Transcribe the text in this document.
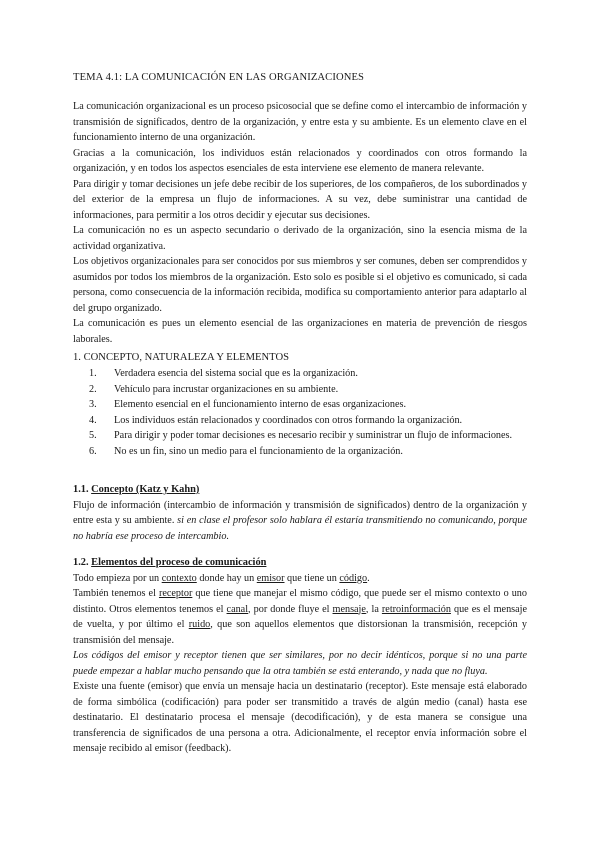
TEMA 4.1: LA COMUNICACIÓN EN LAS ORGANIZACIONES

La comunicación organizacional es un proceso psicosocial que se define como el intercambio de información y transmisión de significados, dentro de la organización, y entre esta y su ambiente. Es un elemento clave en el funcionamiento interno de una organización.

Gracias a la comunicación, los individuos están relacionados y coordinados con otros formando la organización, y en todos los aspectos esenciales de esta interviene ese elemento de manera relevante.

Para dirigir y tomar decisiones un jefe debe recibir de los superiores, de los compañeros, de los subordinados y del exterior de la empresa un flujo de informaciones. A su vez, debe suministrar una cantidad de informaciones, para permitir a los otros decidir y ejecutar sus decisiones.

La comunicación no es un aspecto secundario o derivado de la organización, sino la esencia misma de la actividad organizativa.

Los objetivos organizacionales para ser conocidos por sus miembros y ser comunes, deben ser comprendidos y asumidos por todos los miembros de la organización. Esto solo es posible si el objetivo es comunicado, si cada persona, como consecuencia de la información recibida, modifica su comportamiento anterior para adaptarlo al del grupo organizado.

La comunicación es pues un elemento esencial de las organizaciones en materia de prevención de riesgos laborales.

1. CONCEPTO, NATURALEZA Y ELEMENTOS
1. Verdadera esencia del sistema social que es la organización.
2. Vehículo para incrustar organizaciones en su ambiente.
3. Elemento esencial en el funcionamiento interno de esas organizaciones.
4. Los individuos están relacionados y coordinados con otros formando la organización.
5. Para dirigir y poder tomar decisiones es necesario recibir y suministrar un flujo de informaciones.
6. No es un fin, sino un medio para el funcionamiento de la organización.

1.1. Concepto (Katz y Kahn)

Flujo de información (intercambio de información y transmisión de significados) dentro de la organización y entre esta y su ambiente. si en clase el profesor solo hablara él estaría transmitiendo no comunicando, porque no habría ese proceso de intercambio.

1.2. Elementos del proceso de comunicación

Todo empieza por un contexto donde hay un emisor que tiene un código.

También tenemos el receptor que tiene que manejar el mismo código, que puede ser el mismo contexto o uno distinto. Otros elementos tenemos el canal, por donde fluye el mensaje, la retroinformación que es el mensaje de vuelta, y por último el ruido, que son aquellos elementos que distorsionan la transmisión, recepción y transmisión del mensaje.

Los códigos del emisor y receptor tienen que ser similares, por no decir idénticos, porque si no una parte puede empezar a hablar mucho pensando que la otra también se está enterando, y nada que no fluya.

Existe una fuente (emisor) que envía un mensaje hacia un destinatario (receptor). Este mensaje está elaborado de forma simbólica (codificación) para poder ser transmitido a través de algún medio (canal) hasta ese destinatario. El destinatario procesa el mensaje (decodificación), y de esta manera se consigue una transferencia de significados de una persona a otra. Adicionalmente, el receptor envía información sobre el mensaje recibido al emisor (feedback).
